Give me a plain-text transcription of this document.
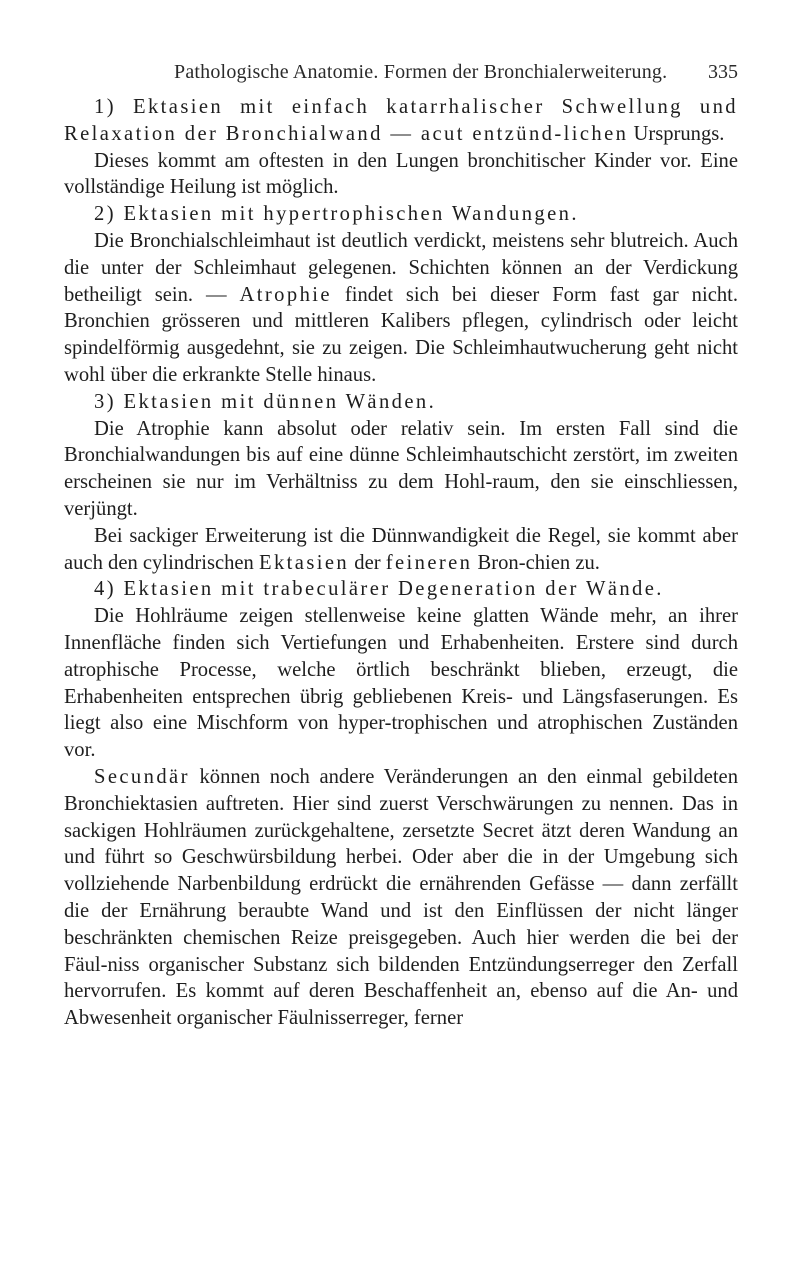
Pathologische Anatomie. Formen der Bronchialerweiterung. 335

1) Ektasien mit einfach katarrhalischer Schwellung und Relaxation der Bronchialwand — acut entzünd-lichen Ursprungs.

Dieses kommt am oftesten in den Lungen bronchitischer Kinder vor. Eine vollständige Heilung ist möglich.

2) Ektasien mit hypertrophischen Wandungen.

Die Bronchialschleimhaut ist deutlich verdickt, meistens sehr blutreich. Auch die unter der Schleimhaut gelegenen. Schichten können an der Verdickung betheiligt sein. — Atrophie findet sich bei dieser Form fast gar nicht. Bronchien grösseren und mittleren Kalibers pflegen, cylindrisch oder leicht spindelförmig ausgedehnt, sie zu zeigen. Die Schleimhautwucherung geht nicht wohl über die erkrankte Stelle hinaus.

3) Ektasien mit dünnen Wänden.

Die Atrophie kann absolut oder relativ sein. Im ersten Fall sind die Bronchialwandungen bis auf eine dünne Schleimhautschicht zerstört, im zweiten erscheinen sie nur im Verhältniss zu dem Hohl-raum, den sie einschliessen, verjüngt.

Bei sackiger Erweiterung ist die Dünnwandigkeit die Regel, sie kommt aber auch den cylindrischen Ektasien der feineren Bron-chien zu.

4) Ektasien mit trabeculärer Degeneration der Wände.

Die Hohlräume zeigen stellenweise keine glatten Wände mehr, an ihrer Innenfläche finden sich Vertiefungen und Erhabenheiten. Erstere sind durch atrophische Processe, welche örtlich beschränkt blieben, erzeugt, die Erhabenheiten entsprechen übrig gebliebenen Kreis- und Längsfaserungen. Es liegt also eine Mischform von hyper-trophischen und atrophischen Zuständen vor.

Secundär können noch andere Veränderungen an den einmal gebildeten Bronchiektasien auftreten. Hier sind zuerst Verschwärungen zu nennen. Das in sackigen Hohlräumen zurückgehaltene, zersetzte Secret ätzt deren Wandung an und führt so Geschwürsbildung herbei. Oder aber die in der Umgebung sich vollziehende Narbenbildung erdrückt die ernährenden Gefässe — dann zerfällt die der Ernährung beraubte Wand und ist den Einflüssen der nicht länger beschränkten chemischen Reize preisgegeben. Auch hier werden die bei der Fäul-niss organischer Substanz sich bildenden Entzündungserreger den Zerfall hervorrufen. Es kommt auf deren Beschaffenheit an, ebenso auf die An- und Abwesenheit organischer Fäulnisserreger, ferner
